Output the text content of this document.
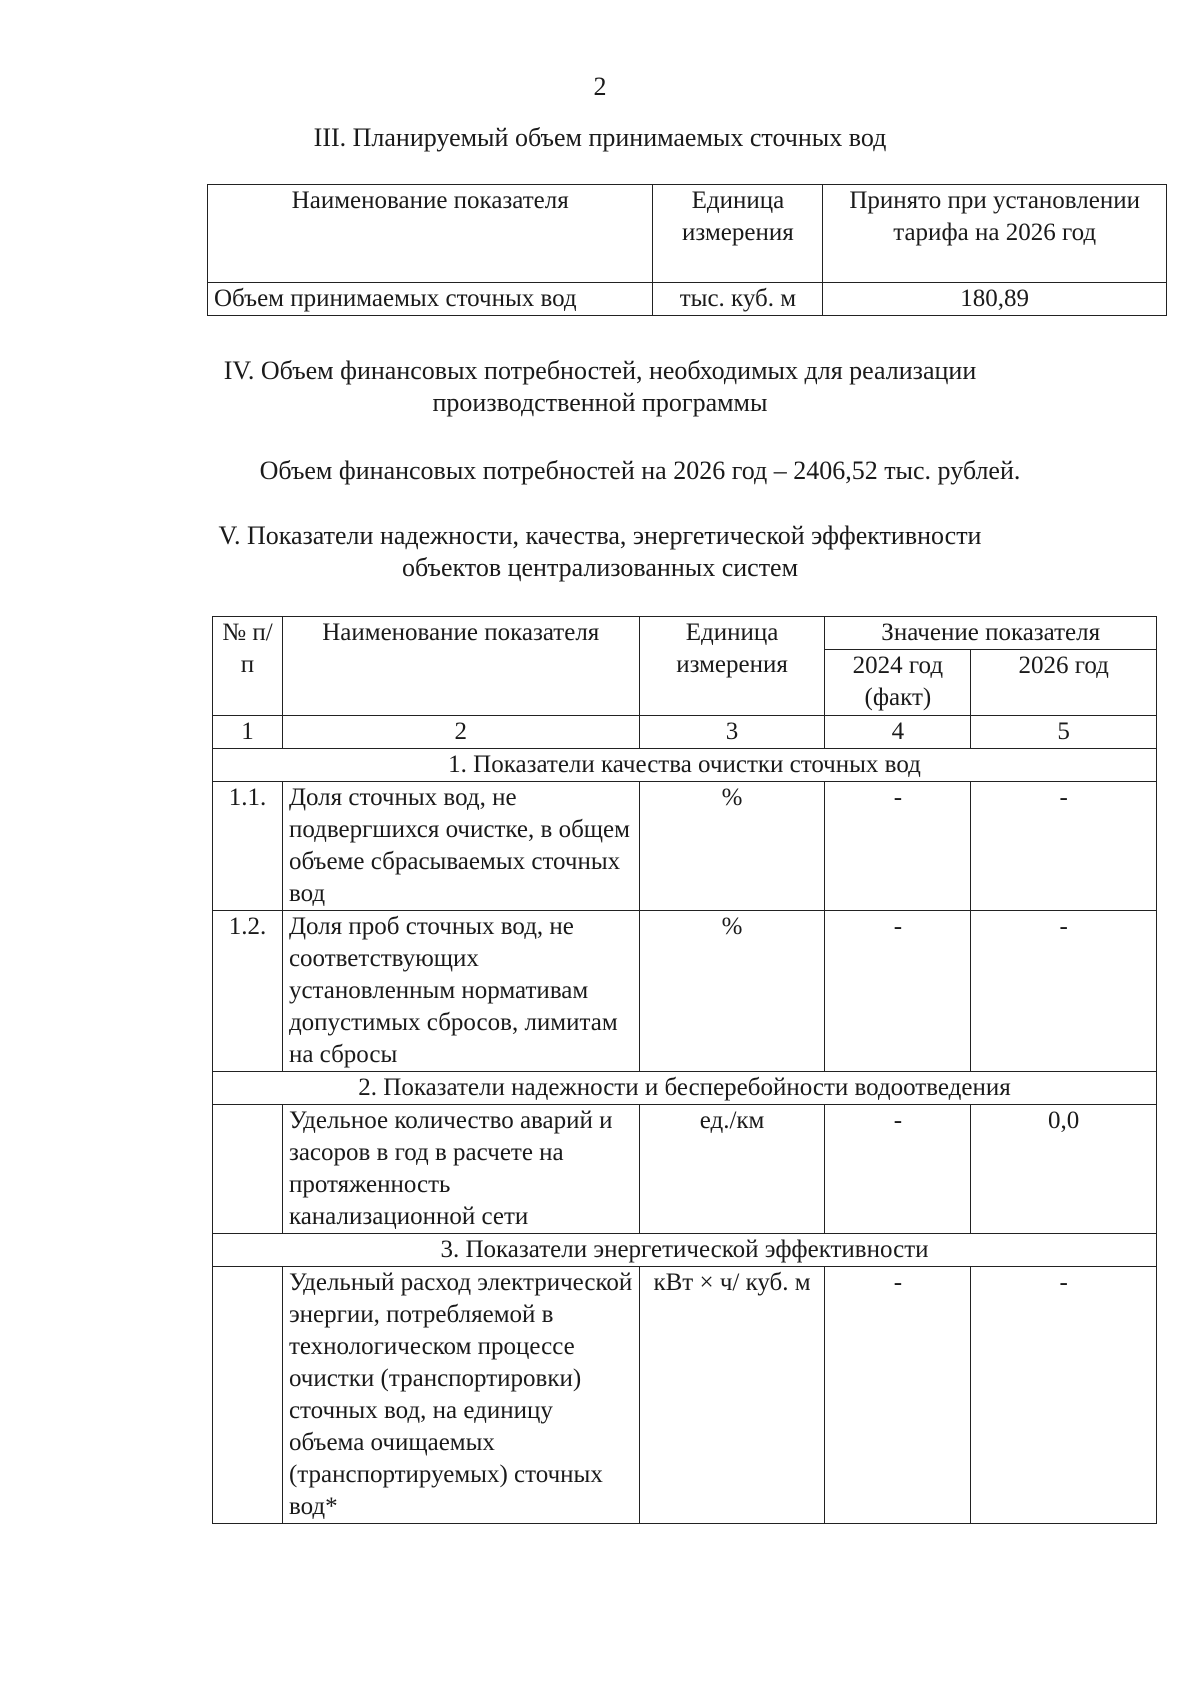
2
III. Планируемый объем принимаемых сточных вод
Наименование показателя	Единица измерения	Принято при установлении тарифа на 2026 год
Объем принимаемых сточных вод	тыс. куб. м	180,89
IV. Объем финансовых потребностей, необходимых для реализации
производственной программы
Объем финансовых потребностей на 2026 год – 2406,52 тыс. рублей.
V. Показатели надежности, качества, энергетической эффективности
объектов централизованных систем
№ п/п	Наименование показателя	Единица измерения	Значение показателя	
			2024 год (факт)	2026 год
1	2	3	4	5
1. Показатели качества очистки сточных вод				
1.1.	Доля сточных вод, не подвергшихся очистке, в общем объеме сбрасываемых сточных вод	%	-	-
1.2.	Доля проб сточных вод, не соответствующих установленным нормативам допустимых сбросов, лимитам на сбросы	%	-	-
2. Показатели надежности и бесперебойности водоотведения				
	Удельное количество аварий и засоров в год в расчете на протяженность канализационной сети	ед./км	-	0,0
3. Показатели энергетической эффективности				
	Удельный расход электрической энергии, потребляемой в технологическом процессе очистки (транспортировки) сточных вод, на единицу объема очищаемых (транспортируемых) сточных вод*	кВт × ч/ куб. м	-	-
